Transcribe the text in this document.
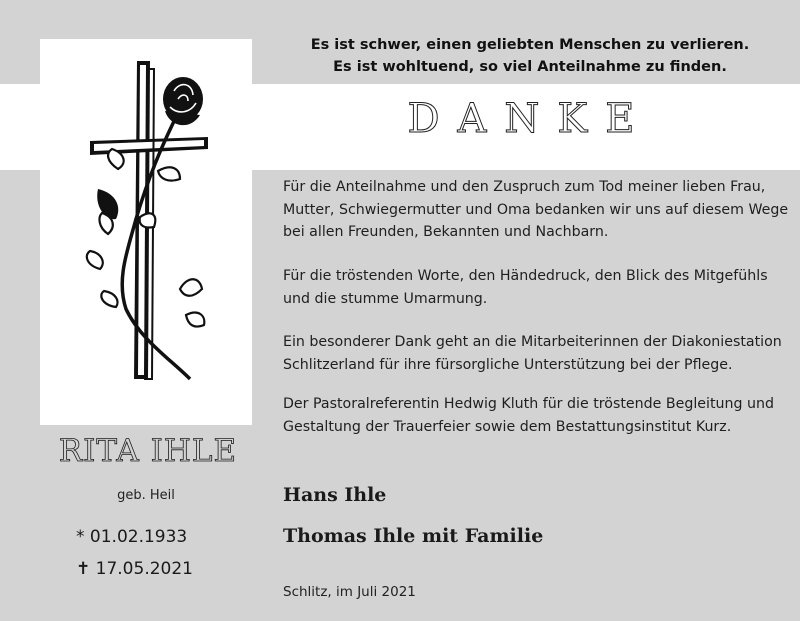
Es ist schwer, einen geliebten Menschen zu verlieren.
Es ist wohltuend, so viel Anteilnahme zu finden.
DANKE

Für die Anteilnahme und den Zuspruch zum Tod meiner lieben Frau, Mutter, Schwiegermutter und Oma bedanken wir uns auf diesem Wege bei allen Freunden, Bekannten und Nachbarn.

Für die tröstenden Worte, den Händedruck, den Blick des Mitgefühls und die stumme Umarmung.

Ein besonderer Dank geht an die Mitarbeiterinnen der Diakoniestation Schlitzerland für ihre fürsorgliche Unterstützung bei der Pflege.

Der Pastoralreferentin Hedwig Kluth für die tröstende Begleitung und Gestaltung der Trauerfeier sowie dem Bestattungsinstitut Kurz.

RITA IHLE
geb. Heil
* 01.02.1933
✝ 17.05.2021
Hans Ihle
Thomas Ihle mit Familie
Schlitz, im Juli 2021
